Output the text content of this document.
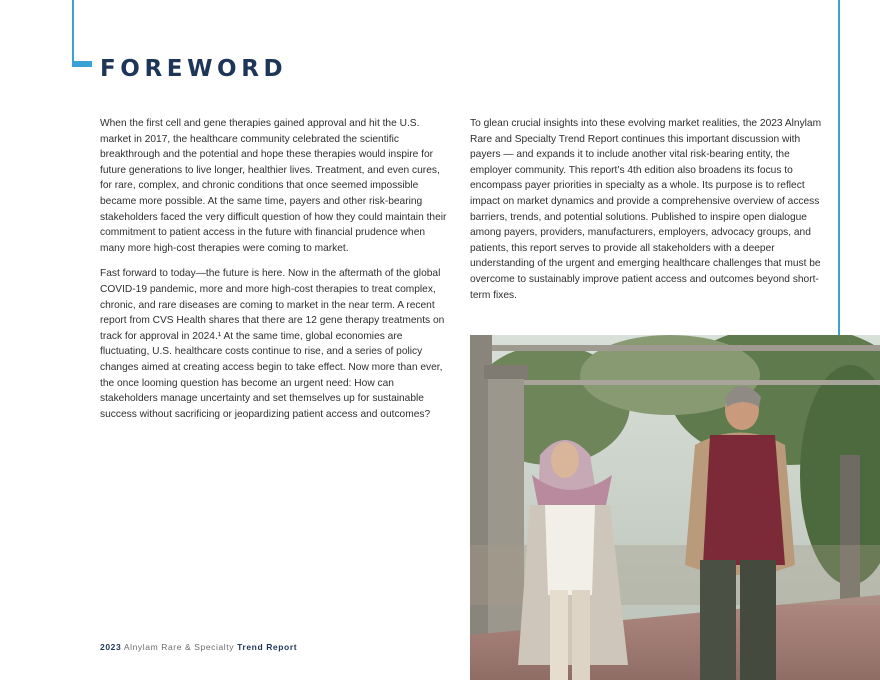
FOREWORD

When the first cell and gene therapies gained approval and hit the U.S. market in 2017, the healthcare community celebrated the scientific breakthrough and the potential and hope these therapies would inspire for future generations to live longer, healthier lives. Treatment, and even cures, for rare, complex, and chronic conditions that once seemed impossible became more possible. At the same time, payers and other risk-bearing stakeholders faced the very difficult question of how they could maintain their commitment to patient access in the future with financial prudence when many more high-cost therapies were coming to market.

Fast forward to today—the future is here. Now in the aftermath of the global COVID-19 pandemic, more and more high-cost therapies to treat complex, chronic, and rare diseases are coming to market in the near term. A recent report from CVS Health shares that there are 12 gene therapy treatments on track for approval in 2024.¹ At the same time, global economies are fluctuating, U.S. healthcare costs continue to rise, and a series of policy changes aimed at creating access begin to take effect. Now more than ever, the once looming question has become an urgent need: How can stakeholders manage uncertainty and set themselves up for sustainable success without sacrificing or jeopardizing patient access and outcomes?

To glean crucial insights into these evolving market realities, the 2023 Alnylam Rare and Specialty Trend Report continues this important discussion with payers — and expands it to include another vital risk-bearing entity, the employer community. This report’s 4th edition also broadens its focus to encompass payer priorities in specialty as a whole. Its purpose is to reflect impact on market dynamics and provide a comprehensive overview of access barriers, trends, and potential solutions. Published to inspire open dialogue among payers, providers, manufacturers, employers, advocacy groups, and patients, this report serves to provide all stakeholders with a deeper understanding of the urgent and emerging healthcare challenges that must be overcome to sustainably improve patient access and outcomes beyond short-term fixes.

2023 Alnylam Rare & Specialty Trend Report
